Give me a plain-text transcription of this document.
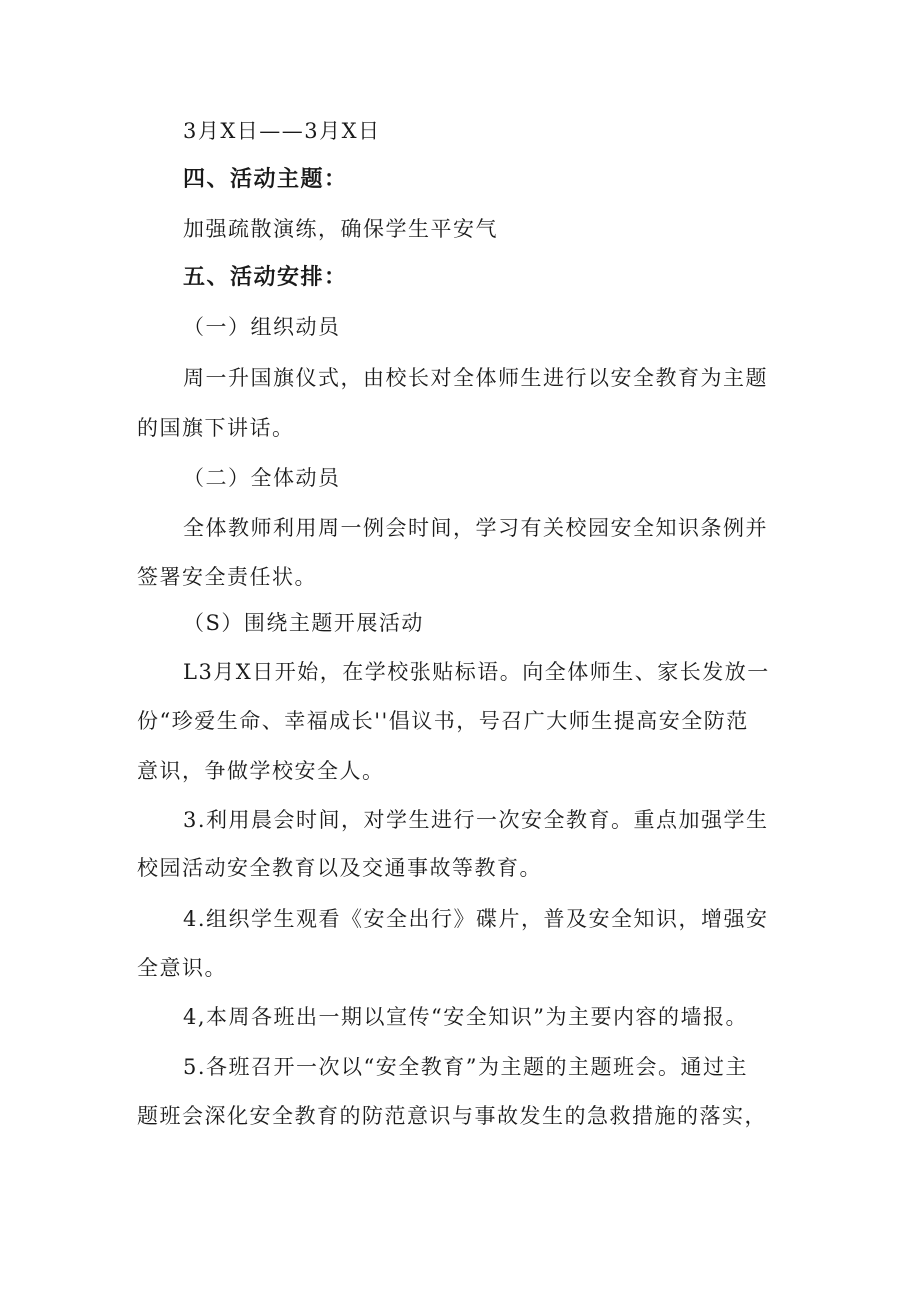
3月X日——3月X日
四、活动主题：
加强疏散演练，确保学生平安气
五、活动安排：
（一）组织动员
周一升国旗仪式，由校长对全体师生进行以安全教育为主题
的国旗下讲话。
（二）全体动员
全体教师利用周一例会时间，学习有关校园安全知识条例并
签署安全责任状。
（S）围绕主题开展活动
L3月X日开始，在学校张贴标语。向全体师生、家长发放一
份“珍爱生命、幸福成长''倡议书，号召广大师生提高安全防范
意识，争做学校安全人。
3.利用晨会时间，对学生进行一次安全教育。重点加强学生
校园活动安全教育以及交通事故等教育。
4.组织学生观看《安全出行》碟片，普及安全知识，增强安
全意识。
4,本周各班出一期以宣传“安全知识”为主要内容的墙报。
5.各班召开一次以“安全教育”为主题的主题班会。通过主
题班会深化安全教育的防范意识与事故发生的急救措施的落实，
